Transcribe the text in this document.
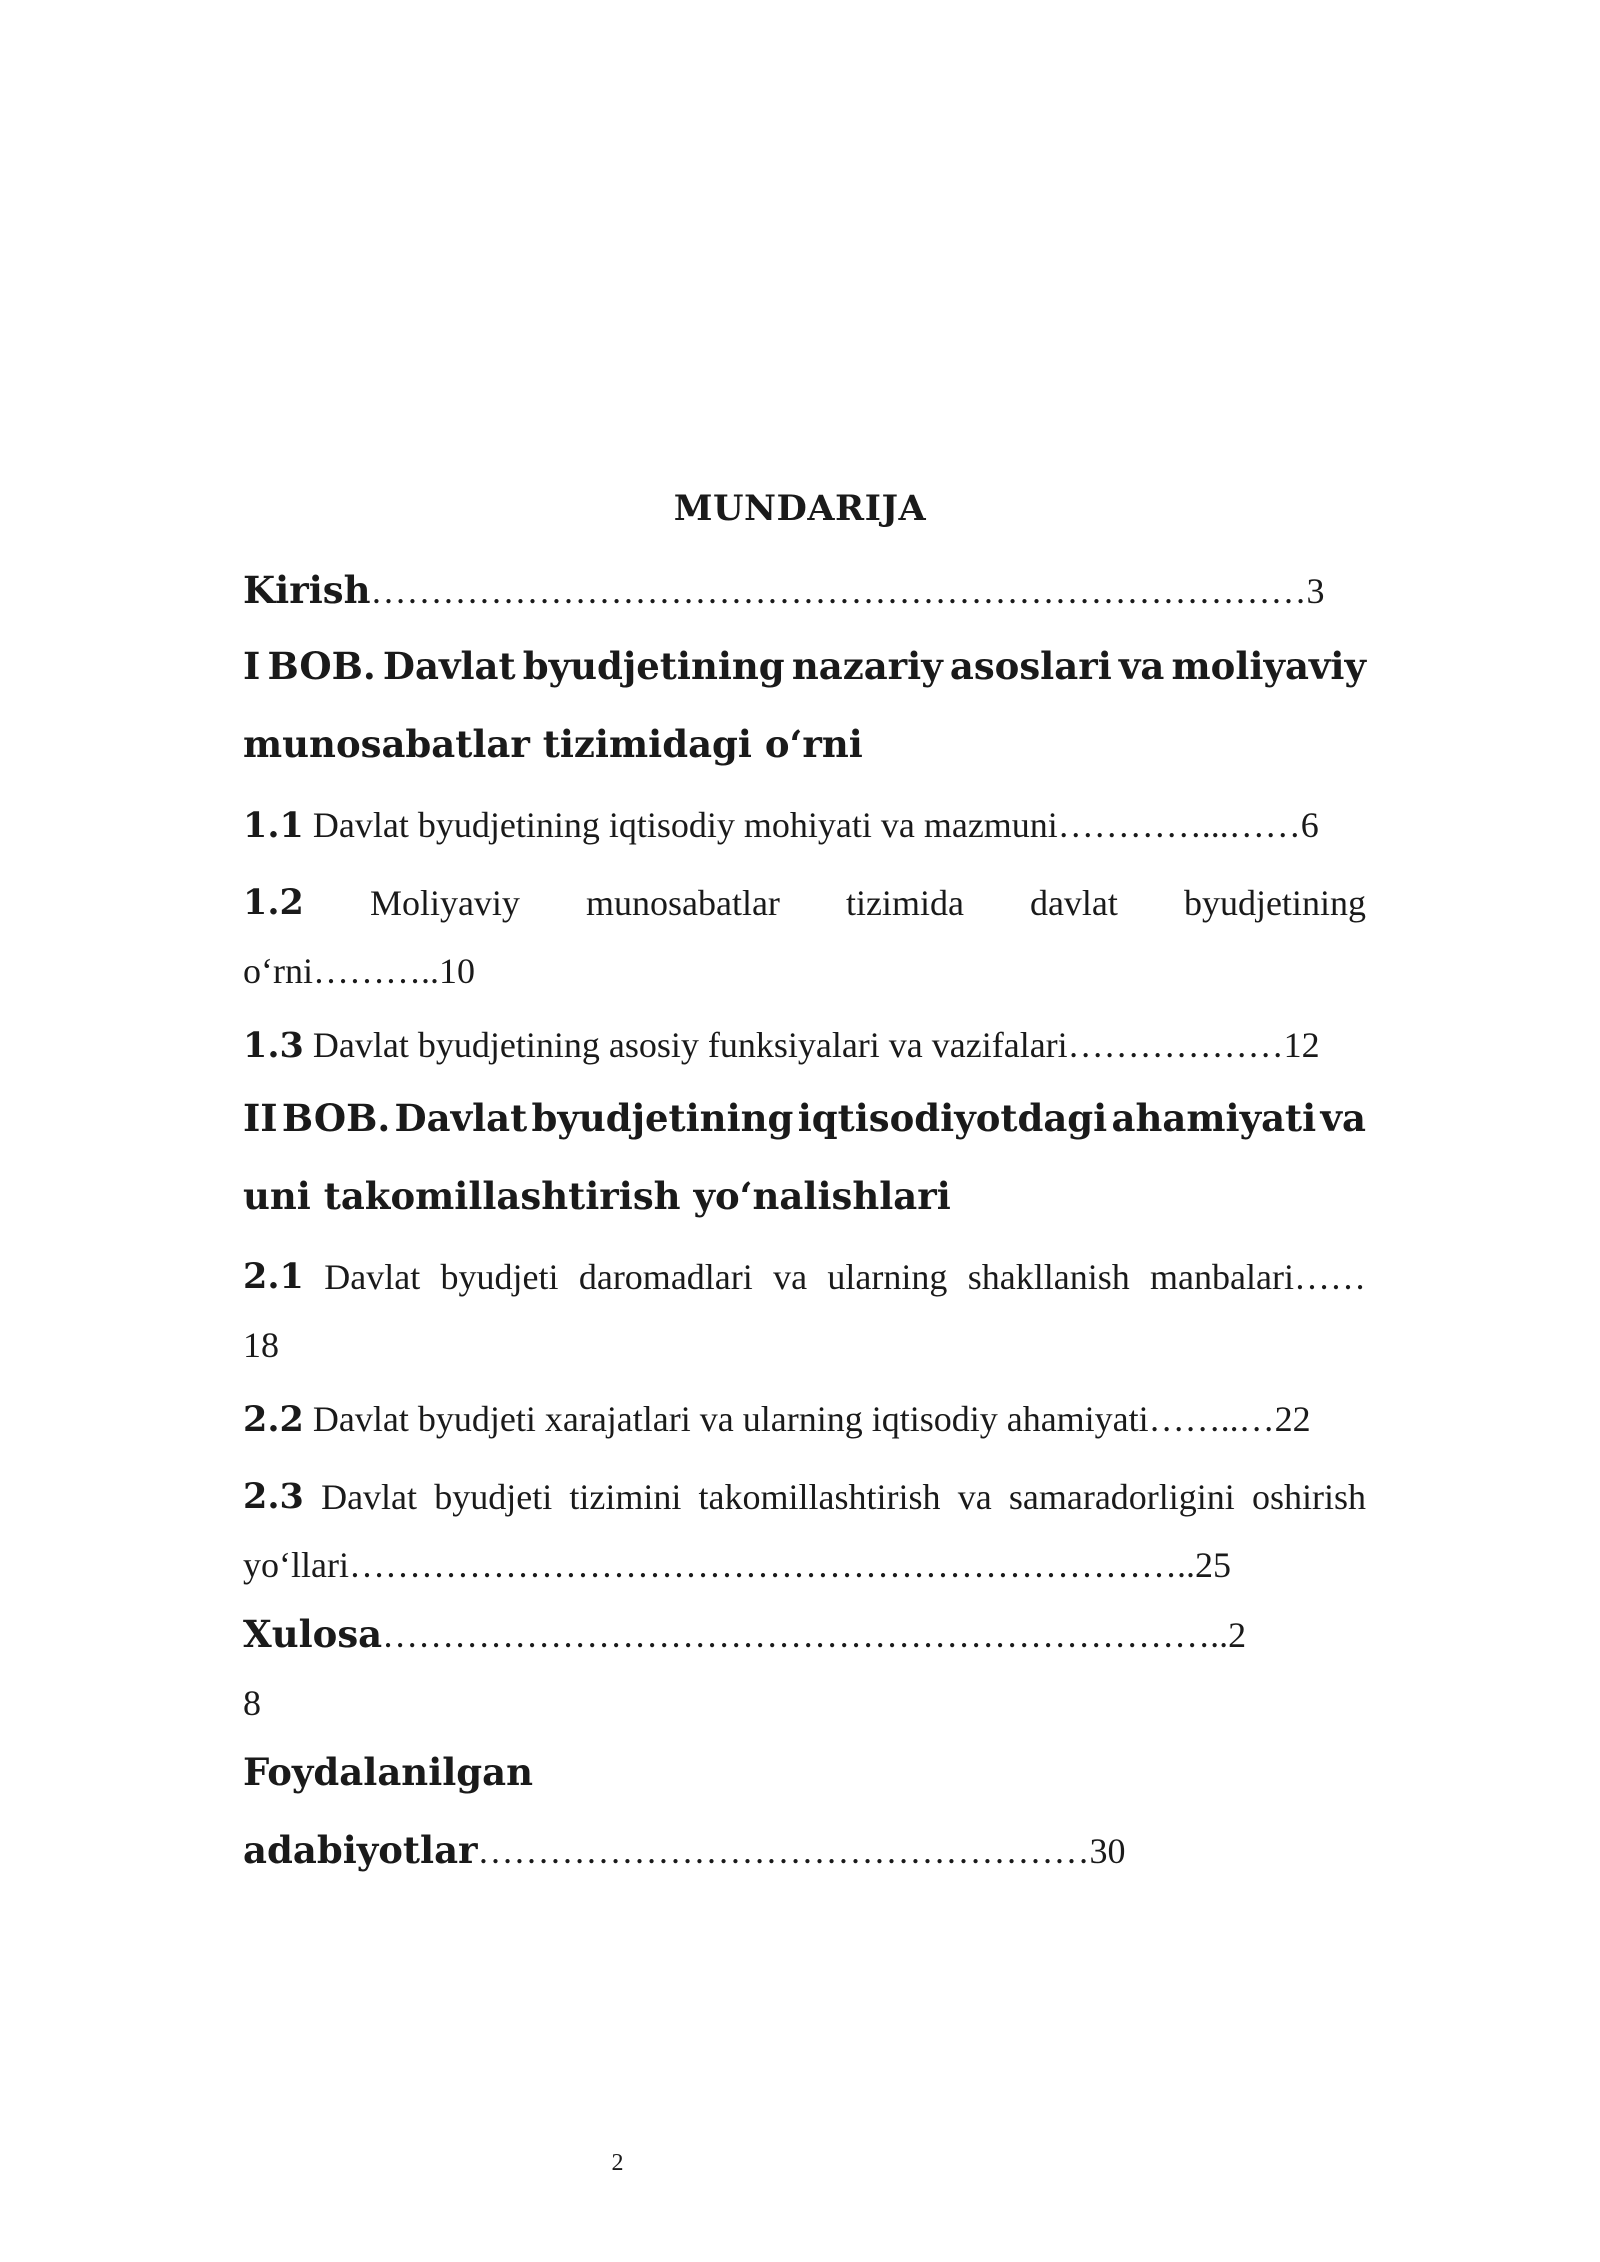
MUNDARIJA
Kirish……………………………………………………………………3
I BOB. Davlat byudjetining nazariy asoslari va moliyaviy
munosabatlar tizimidagi o‘rni
1.1 Davlat byudjetining iqtisodiy mohiyati va mazmuni…………...……6
1.2 Moliyaviy munosabatlar tizimida davlat byudjetining
o‘rni………..10
1.3 Davlat byudjetining asosiy funksiyalari va vazifalari………………12
II BOB. Davlat byudjetining iqtisodiyotdagi ahamiyati va
uni takomillashtirish yo‘nalishlari
2.1 Davlat byudjeti daromadlari va ularning shakllanish manbalari……
18
2.2 Davlat byudjeti xarajatlari va ularning iqtisodiy ahamiyati……..…22
2.3 Davlat byudjeti tizimini takomillashtirish va samaradorligini oshirish
yo‘llari……………………………………………………………..25
Xulosa……………………………………………………………..2
8
Foydalanilgan
adabiyotlar……………………………………………30
2
